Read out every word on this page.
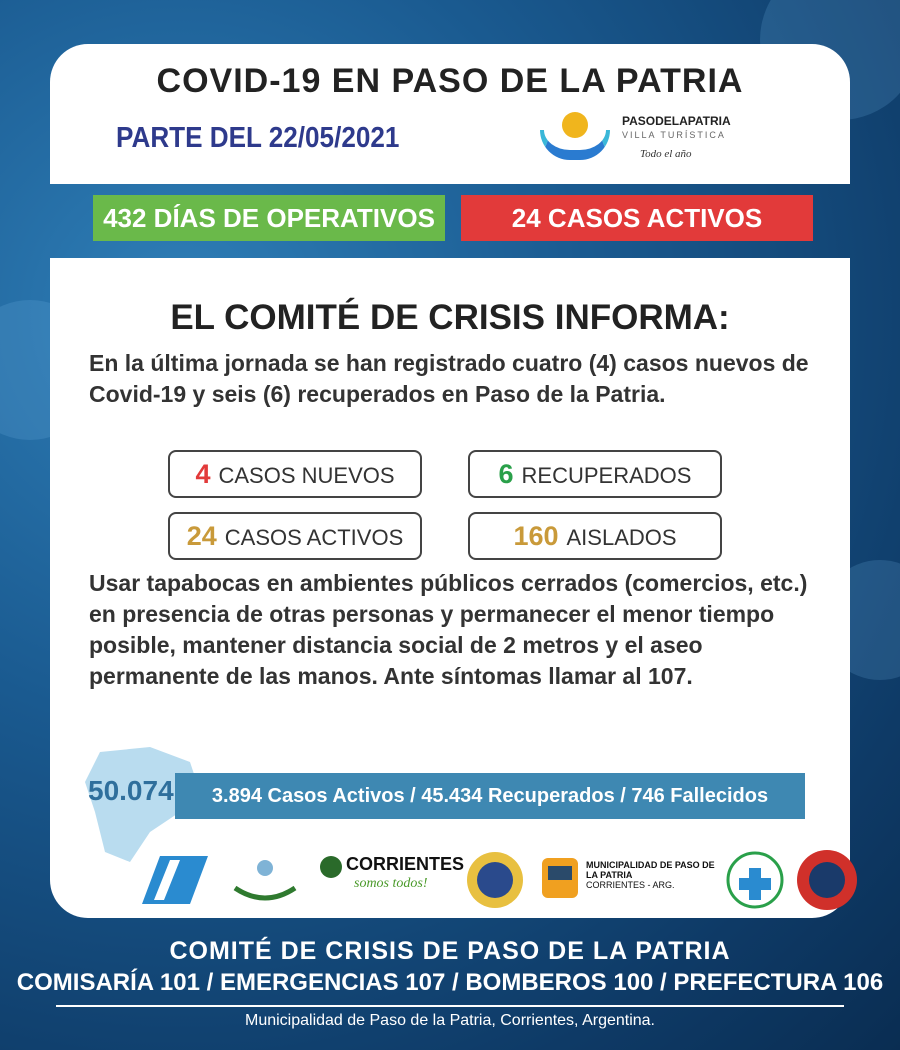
COVID-19 EN PASO DE LA PATRIA
PARTE DEL 22/05/2021
PASODELAPATRIA
VILLA TURÍSTICA
Todo el año
432 DÍAS DE OPERATIVOS	24 CASOS ACTIVOS
EL COMITÉ DE CRISIS INFORMA:
En la última jornada se han registrado cuatro (4) casos nuevos de Covid-19 y seis (6) recuperados en Paso de la Patria.
4 CASOS NUEVOS	6 RECUPERADOS
24 CASOS ACTIVOS	160 AISLADOS
Usar tapabocas en ambientes públicos cerrados (comercios, etc.) en presencia de otras personas y permanecer el menor tiempo posible, mantener distancia social de 2 metros y el aseo permanente de las manos. Ante síntomas llamar al 107.
3.894 Casos Activos / 45.434 Recuperados / 746 Fallecidos
50.074
CORRIENTES
somos todos!
MUNICIPALIDAD DE PASO DE LA PATRIA
CORRIENTES - ARG.
COMITÉ DE CRISIS DE PASO DE LA PATRIA
COMISARÍA 101 / EMERGENCIAS 107 / BOMBEROS 100 / PREFECTURA 106
Municipalidad de Paso de la Patria, Corrientes, Argentina.
